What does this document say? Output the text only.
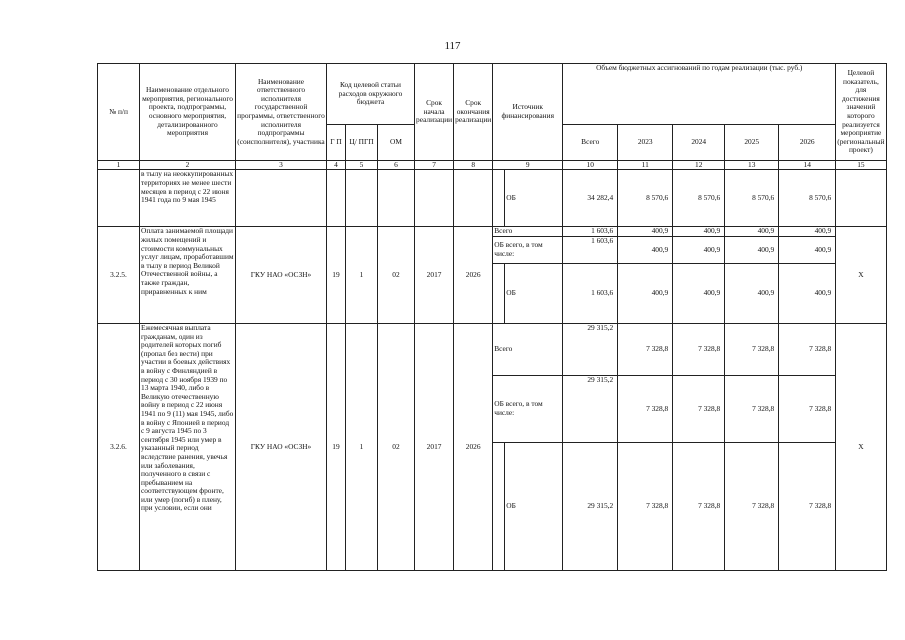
117
№ п/п	Наименование отдельного мероприятия, регионального проекта, подпрограммы, основного мероприятия, детализированного мероприятия	Наименование ответственного исполнителя государственной программы, ответственного исполнителя подпрограммы (соисполнителя), участника	Код целевой статьи расходов окружного бюджета			Срок начала реализации	Срок окончания реализации	Источник финансирования		Объем бюджетных ассигнований по годам реализации (тыс. руб.)					Целевой показатель, для достижения значений которого реализуется мероприятие (региональный проект)
			Г П	Ц/ ПГП	ОМ					Всего	2023	2024	2025	2026	
1	2	3	4	5	6	7	8	9		10	11	12	13	14	15
	в тылу на неоккупированных территориях не менее шести месяцев в период с 22 июня 1941 года по 9 мая 1945								ОБ	34 282,4	8 570,6	8 570,6	8 570,6	8 570,6	
3.2.5.	Оплата занимаемой площади жилых помещений и стоимости коммунальных услуг лицам, проработавшим в тылу в период Великой Отечественной войны, а также граждан, приравненных к ним	ГКУ НАО «ОСЗН»	19	1	02	2017	2026	Всего		1 603,6	400,9	400,9	400,9	400,9	X
								ОБ всего, в том числе:		1 603,6	400,9	400,9	400,9	400,9	
									ОБ	1 603,6	400,9	400,9	400,9	400,9	
3.2.6.	Ежемесячная выплата гражданам, один из родителей которых погиб (пропал без вести) при участии в боевых действиях в войну с Финляндией в период с 30 ноября 1939 по 13 марта 1940, либо в Великую отечественную войну в период с 22 июня 1941 по 9 (11) мая 1945, либо в войну с Японией в период с 9 августа 1945 по 3 сентября 1945 или умер в указанный период вследствие ранения, увечья или заболевания, полученного в связи с пребыванием на соответствующем фронте, или умер (погиб) в плену, при условии, если они	ГКУ НАО «ОСЗН»	19	1	02	2017	2026	Всего		29 315,2	7 328,8	7 328,8	7 328,8	7 328,8	X
								ОБ всего, в том числе:		29 315,2	7 328,8	7 328,8	7 328,8	7 328,8	
									ОБ	29 315,2	7 328,8	7 328,8	7 328,8	7 328,8	
